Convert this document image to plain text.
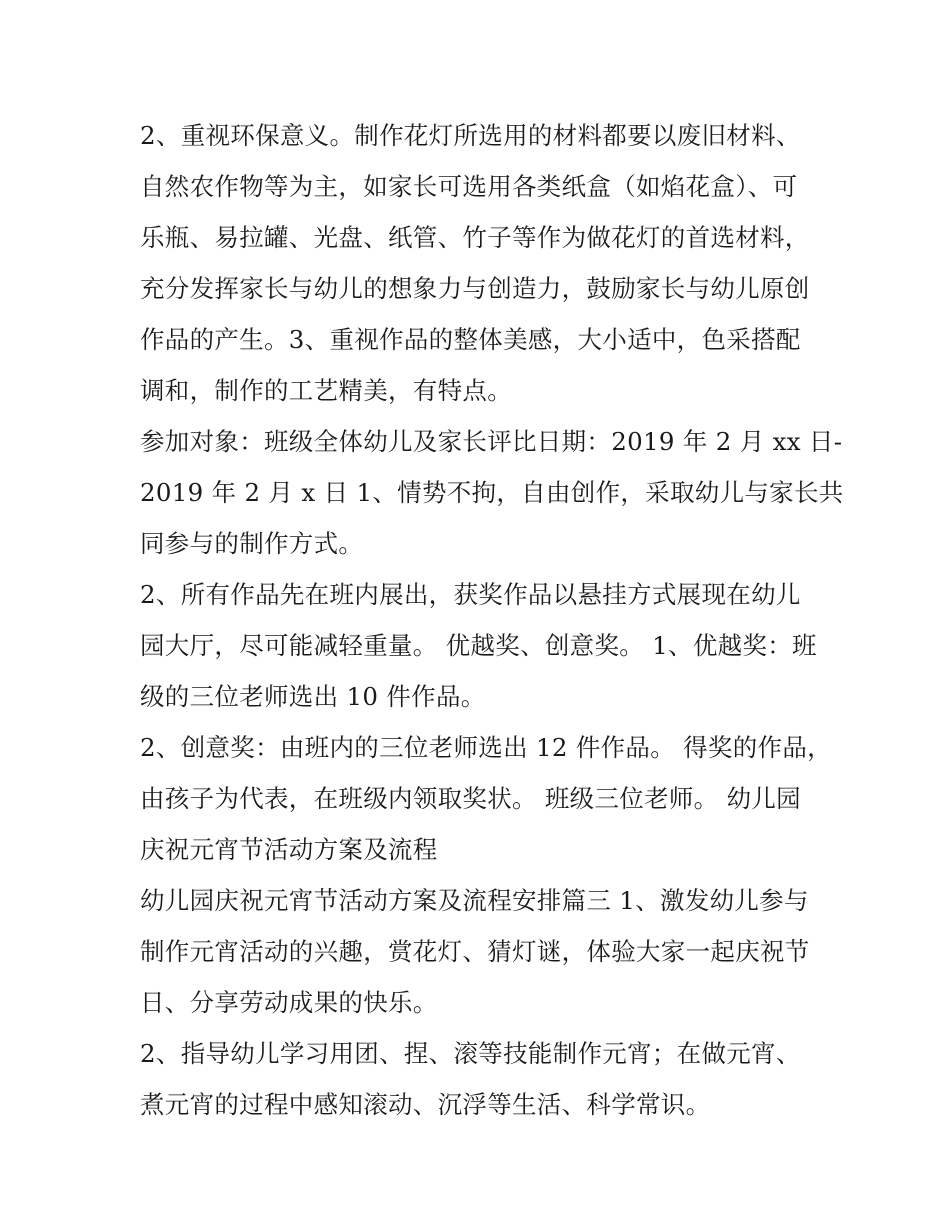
2、重视环保意义。制作花灯所选用的材料都要以废旧材料、
自然农作物等为主，如家长可选用各类纸盒（如焰花盒）、可
乐瓶、易拉罐、光盘、纸管、竹子等作为做花灯的首选材料，
充分发挥家长与幼儿的想象力与创造力，鼓励家长与幼儿原创
作品的产生。3、重视作品的整体美感，大小适中，色采搭配
调和，制作的工艺精美，有特点。
参加对象：班级全体幼儿及家长评比日期：2019 年 2 月 xx 日-
2019 年 2 月 x 日 1、情势不拘，自由创作，采取幼儿与家长共
同参与的制作方式。
2、所有作品先在班内展出，获奖作品以悬挂方式展现在幼儿
园大厅，尽可能减轻重量。 优越奖、创意奖。 1、优越奖：班
级的三位老师选出 10 件作品。
2、创意奖：由班内的三位老师选出 12 件作品。 得奖的作品，
由孩子为代表，在班级内领取奖状。 班级三位老师。 幼儿园
庆祝元宵节活动方案及流程
幼儿园庆祝元宵节活动方案及流程安排篇三 1、激发幼儿参与
制作元宵活动的兴趣，赏花灯、猜灯谜，体验大家一起庆祝节
日、分享劳动成果的快乐。
2、指导幼儿学习用团、捏、滚等技能制作元宵；在做元宵、
煮元宵的过程中感知滚动、沉浮等生活、科学常识。
